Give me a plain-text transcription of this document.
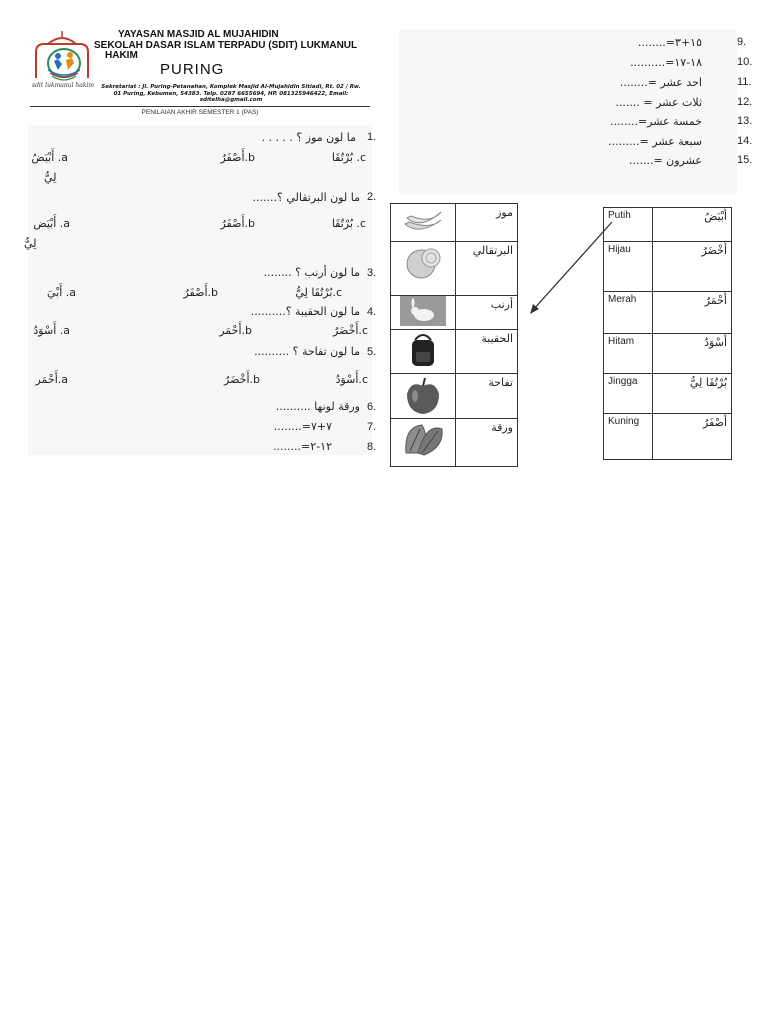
sdit lukmanul hakim
YAYASAN MASJID AL MUJAHIDIN
SEKOLAH DASAR ISLAM TERPADU (SDIT) LUKMANUL
HAKIM
PURING
Sekretariat : Jl. Puring-Petanahan, Komplek Masjid Al-Mujahidin Sitiadi, Rt. 02 / Rw.
01 Puring, Kebumen, 54383. Telp. 0287 6655694, HP. 081325946422, Email:
sditelha@gmail.com
PENILAIAN AKHIR SEMESTER 1 (PAS)
1.
ما لون موز ؟ . . . . .
a. أَبْيَضُ	b.أَصْفَرُ	c. بُرْتُقَا
لِيُّ
2.
ما لون البرتقالي ؟.......
a. أَبْيَض	b.أَصْفَرُ	c. بُرْتُقَا
لِيُّ
3.
ما لون أرنب ؟ ........
a. أَبْيَ	b.أَصْفَرُ	c.بُرْتُقَا لِيُّ
4.
ما لون الحقيبة ؟..........
a. أَسْوَدُ	b.أَحْمَر	c.أَخْضَرُ
5.
ما لون تفاحة ؟ ..........
a.أَحْمَر	b.أَخْضَرُ	c.أَسْوَدُ
6.
ورقة لونها ..........
7.
٧+٧=........
8.
١٢-٢=........
.9
١٥+٣=........
.10
١٨-١٧=..........
.11
احد عشر =........
.12
ثلات عشر = .......
.13
خمسة عشر=........
.14
سبعة عشر =.........
.15
عشرون =.......
	موز

	البرتقالي

	أرنب

	الحقيبة

	تفاحة

	ورقة
Putih	أَبْيَضُ
Hijau	أَخْضَرُ
Merah	أَحْمَرُ
Hitam	أَسْوَدُ
Jingga	بُرْتُقَا لِيُّ
Kuning	أَصْفَرُ
